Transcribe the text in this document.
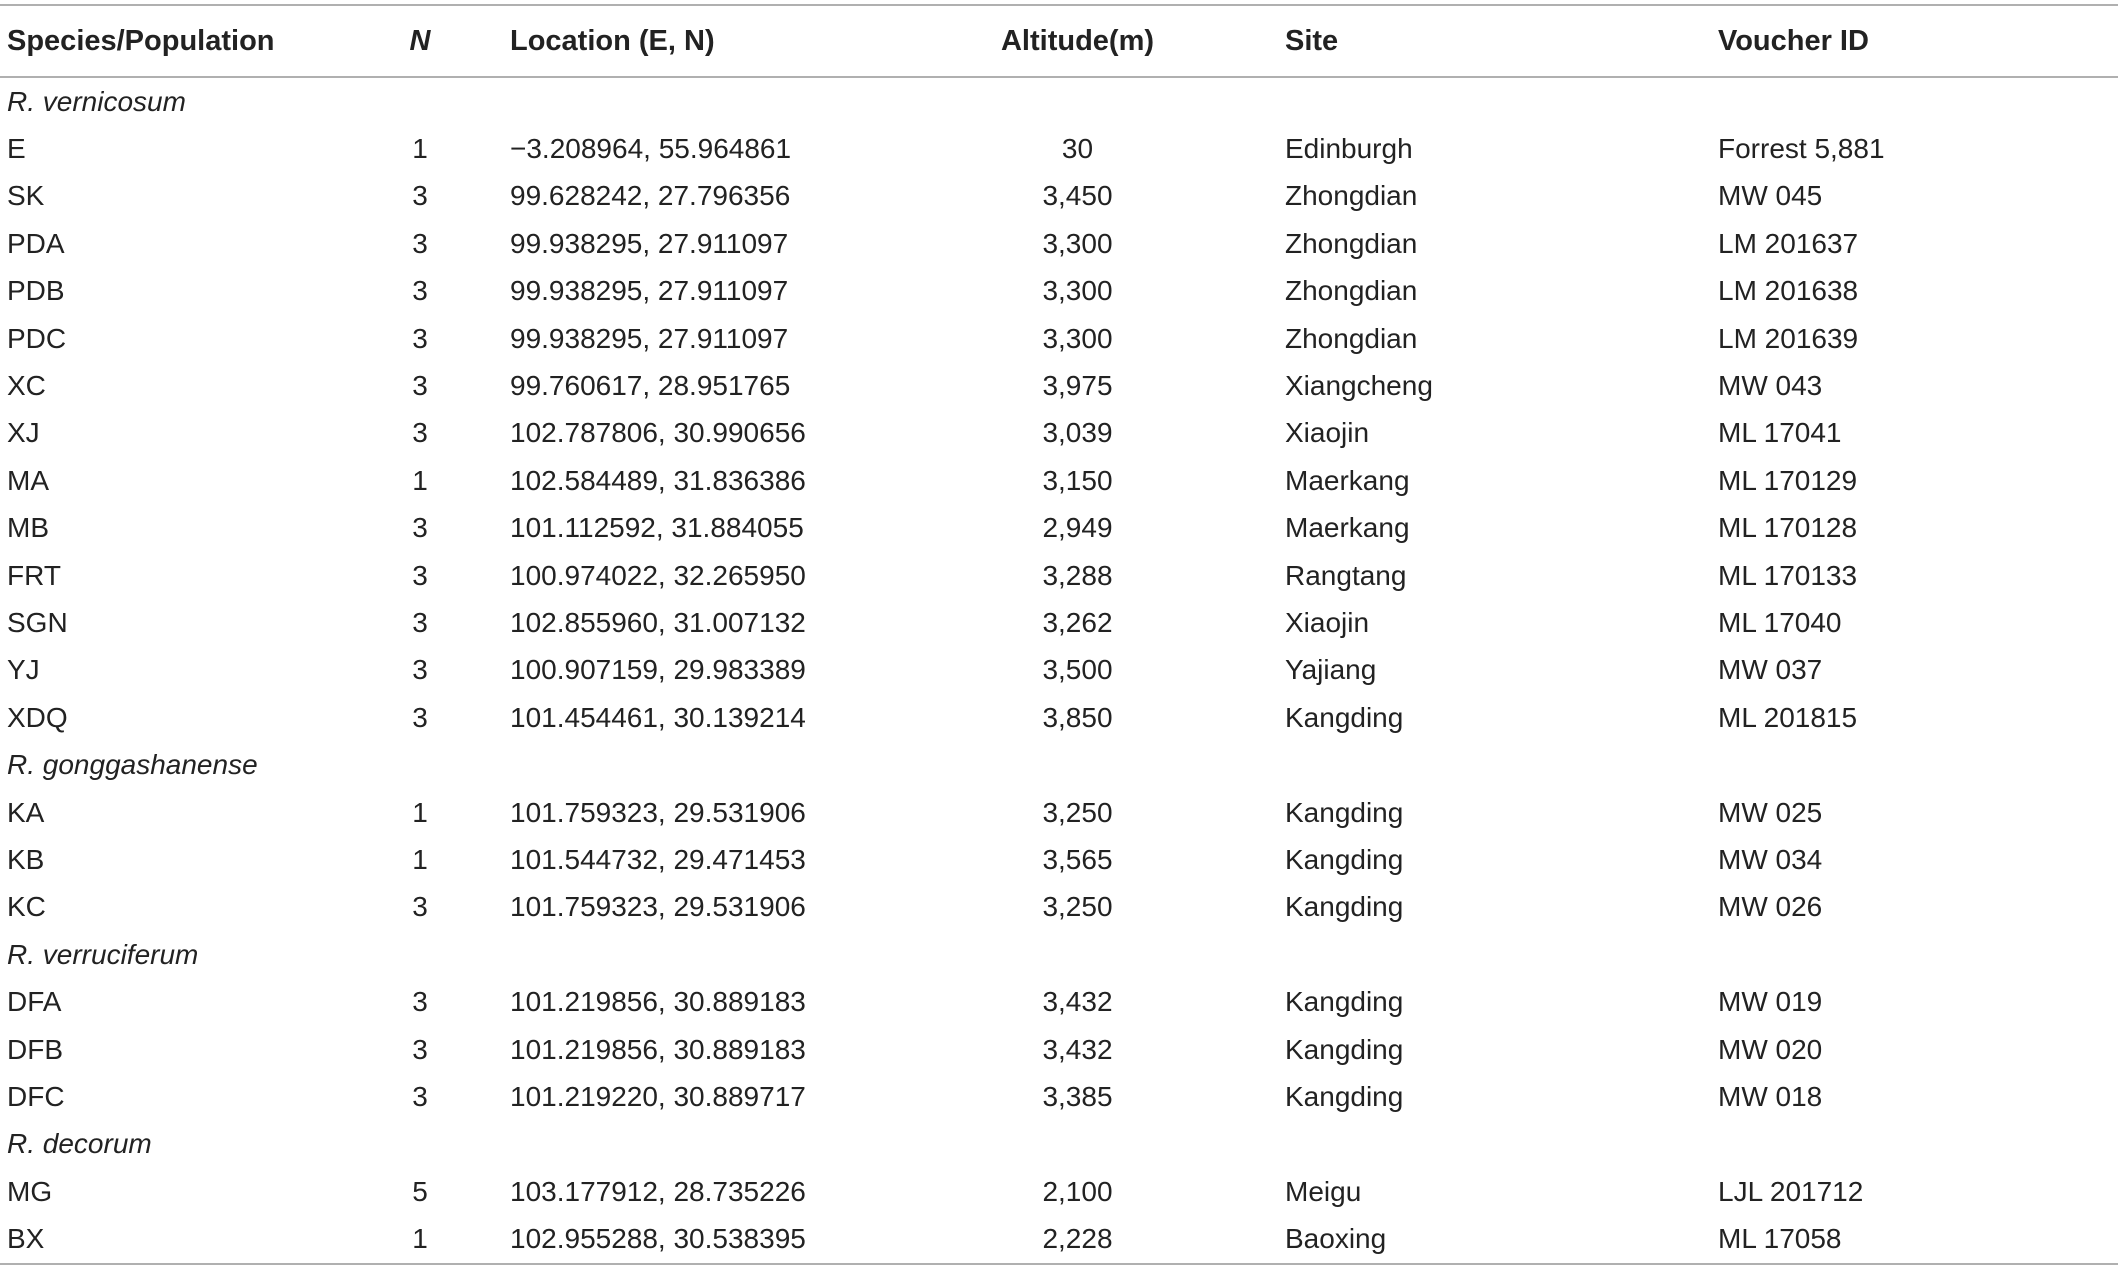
Species/Population	N	Location (E, N)	Altitude(m)	Site	Voucher ID
R. vernicosum					
E	1	−3.208964, 55.964861	30	Edinburgh	Forrest 5,881
SK	3	99.628242, 27.796356	3,450	Zhongdian	MW 045
PDA	3	99.938295, 27.911097	3,300	Zhongdian	LM 201637
PDB	3	99.938295, 27.911097	3,300	Zhongdian	LM 201638
PDC	3	99.938295, 27.911097	3,300	Zhongdian	LM 201639
XC	3	99.760617, 28.951765	3,975	Xiangcheng	MW 043
XJ	3	102.787806, 30.990656	3,039	Xiaojin	ML 17041
MA	1	102.584489, 31.836386	3,150	Maerkang	ML 170129
MB	3	101.112592, 31.884055	2,949	Maerkang	ML 170128
FRT	3	100.974022, 32.265950	3,288	Rangtang	ML 170133
SGN	3	102.855960, 31.007132	3,262	Xiaojin	ML 17040
YJ	3	100.907159, 29.983389	3,500	Yajiang	MW 037
XDQ	3	101.454461, 30.139214	3,850	Kangding	ML 201815
R. gonggashanense					
KA	1	101.759323, 29.531906	3,250	Kangding	MW 025
KB	1	101.544732, 29.471453	3,565	Kangding	MW 034
KC	3	101.759323, 29.531906	3,250	Kangding	MW 026
R. verruciferum					
DFA	3	101.219856, 30.889183	3,432	Kangding	MW 019
DFB	3	101.219856, 30.889183	3,432	Kangding	MW 020
DFC	3	101.219220, 30.889717	3,385	Kangding	MW 018
R. decorum					
MG	5	103.177912, 28.735226	2,100	Meigu	LJL 201712
BX	1	102.955288, 30.538395	2,228	Baoxing	ML 17058
